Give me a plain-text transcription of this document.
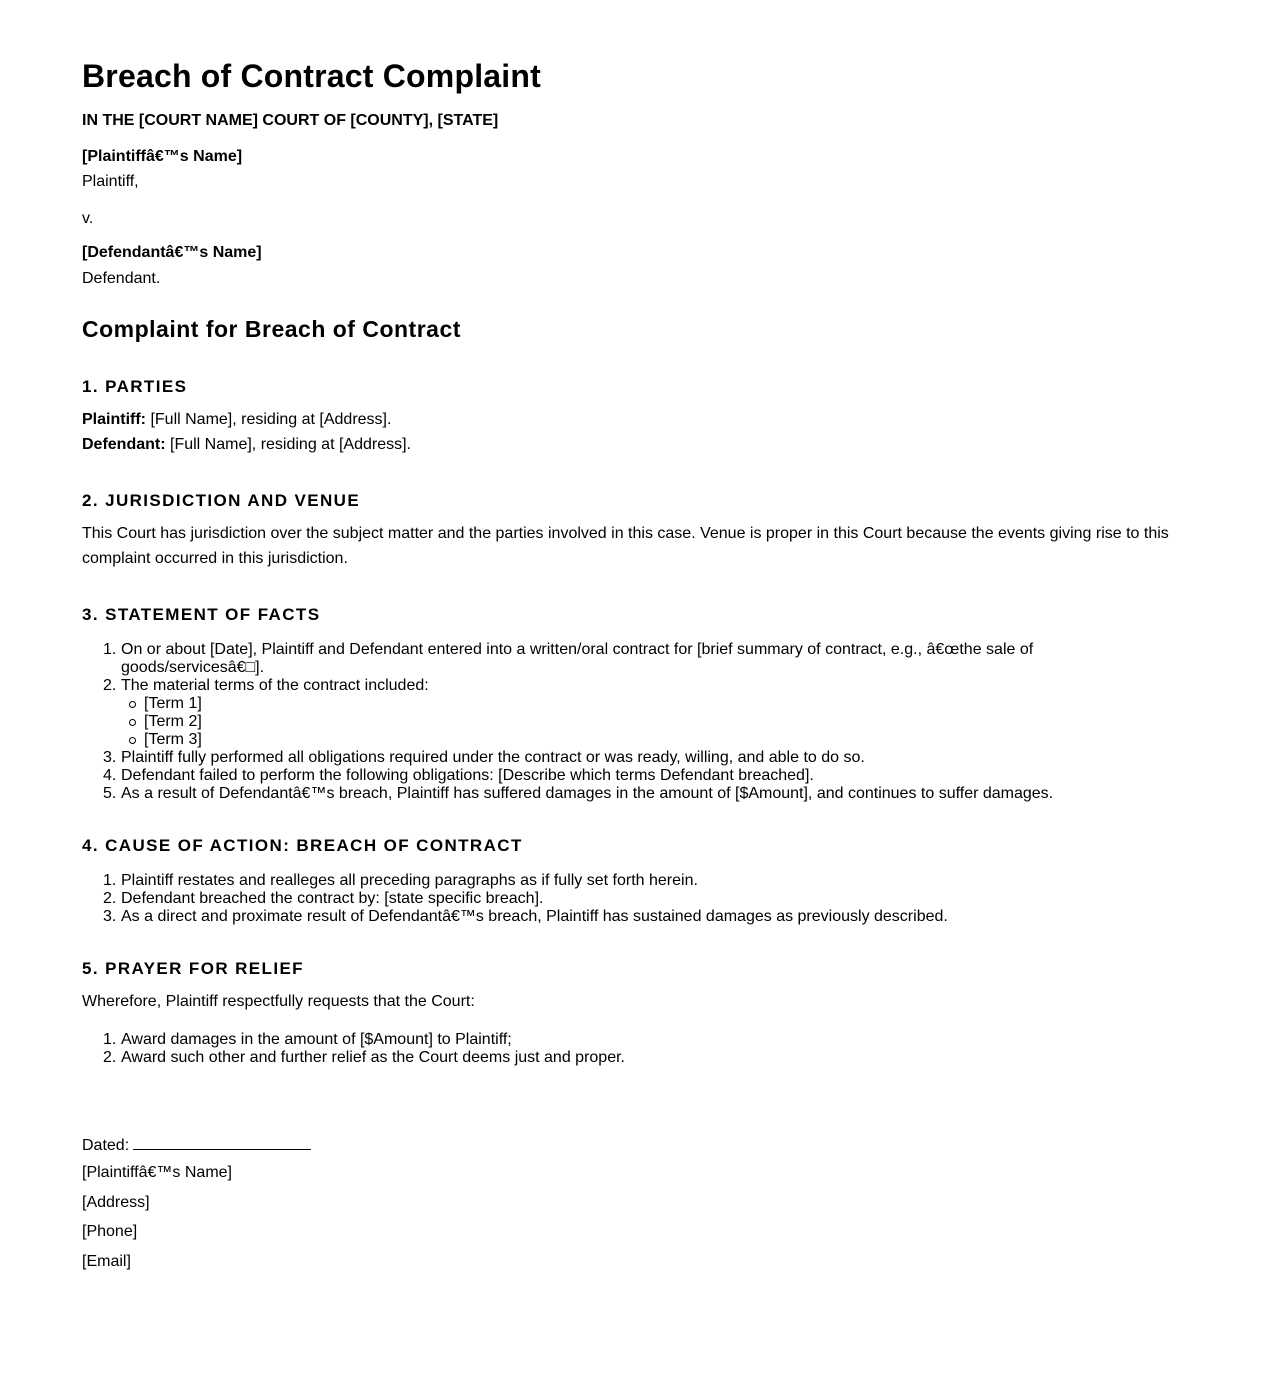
Breach of Contract Complaint
IN THE [COURT NAME] COURT OF [COUNTY], [STATE]
[Plaintiffâ€™s Name]
Plaintiff,
v.
[Defendantâ€™s Name]
Defendant.
Complaint for Breach of Contract
1. PARTIES
Plaintiff: [Full Name], residing at [Address].
Defendant: [Full Name], residing at [Address].
2. JURISDICTION AND VENUE
This Court has jurisdiction over the subject matter and the parties involved in this case. Venue is proper in this Court because the events giving rise to this
complaint occurred in this jurisdiction.
3. STATEMENT OF FACTS
1. On or about [Date], Plaintiff and Defendant entered into a written/oral contract for [brief summary of contract, e.g., â€œthe sale of
goods/servicesâ€□].
2. The material terms of the contract included:
[Term 1]
[Term 2]
[Term 3]
3. Plaintiff fully performed all obligations required under the contract or was ready, willing, and able to do so.
4. Defendant failed to perform the following obligations: [Describe which terms Defendant breached].
5. As a result of Defendantâ€™s breach, Plaintiff has suffered damages in the amount of [$Amount], and continues to suffer damages.
4. CAUSE OF ACTION: BREACH OF CONTRACT
1. Plaintiff restates and realleges all preceding paragraphs as if fully set forth herein.
2. Defendant breached the contract by: [state specific breach].
3. As a direct and proximate result of Defendantâ€™s breach, Plaintiff has sustained damages as previously described.
5. PRAYER FOR RELIEF
Wherefore, Plaintiff respectfully requests that the Court:
1. Award damages in the amount of [$Amount] to Plaintiff;
2. Award such other and further relief as the Court deems just and proper.
Dated:
[Plaintiffâ€™s Name]
[Address]
[Phone]
[Email]
